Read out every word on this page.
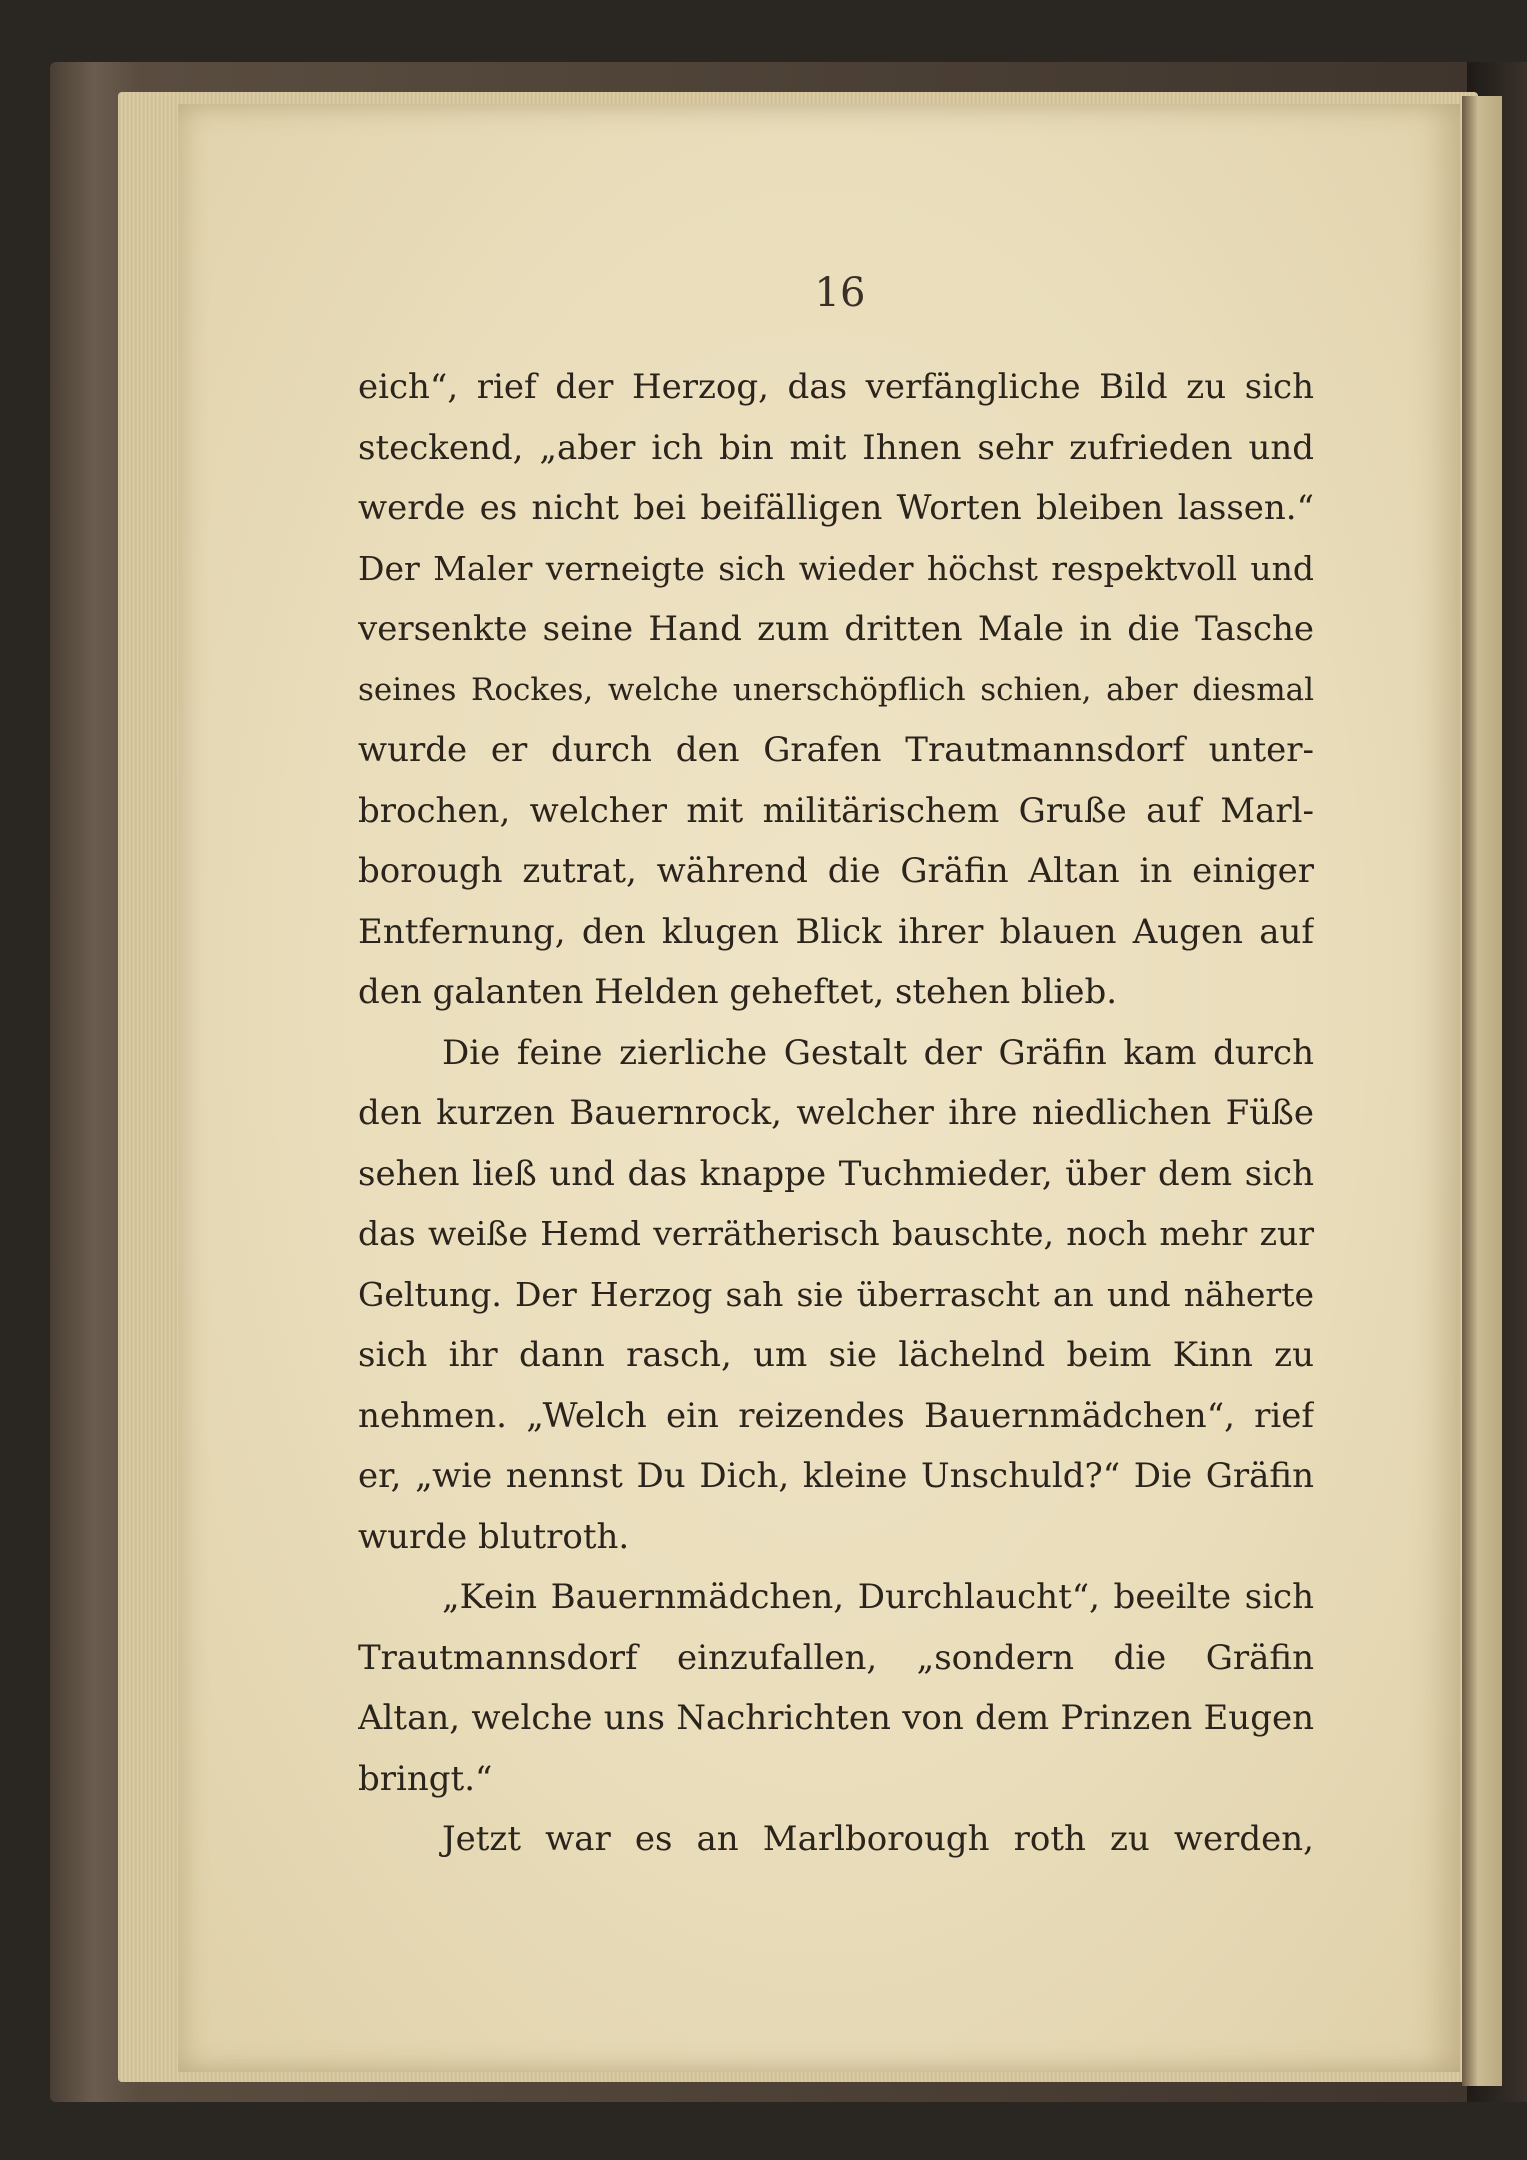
16
eich“, rief der Herzog, das verfängliche Bild zu sich
steckend, „aber ich bin mit Ihnen sehr zufrieden und
werde es nicht bei beifälligen Worten bleiben lassen.“
Der Maler verneigte sich wieder höchst respektvoll und
versenkte seine Hand zum dritten Male in die Tasche
seines Rockes, welche unerschöpflich schien, aber diesmal
wurde er durch den Grafen Trautmannsdorf unter-
brochen, welcher mit militärischem Gruße auf Marl-
borough zutrat, während die Gräfin Altan in einiger
Entfernung, den klugen Blick ihrer blauen Augen auf
den galanten Helden geheftet, stehen blieb.
Die feine zierliche Gestalt der Gräfin kam durch
den kurzen Bauernrock, welcher ihre niedlichen Füße
sehen ließ und das knappe Tuchmieder, über dem sich
das weiße Hemd verrätherisch bauschte, noch mehr zur
Geltung. Der Herzog sah sie überrascht an und näherte
sich ihr dann rasch, um sie lächelnd beim Kinn zu
nehmen. „Welch ein reizendes Bauernmädchen“, rief
er, „wie nennst Du Dich, kleine Unschuld?“ Die Gräfin
wurde blutroth.
„Kein Bauernmädchen, Durchlaucht“, beeilte sich
Trautmannsdorf einzufallen, „sondern die Gräfin
Altan, welche uns Nachrichten von dem Prinzen Eugen
bringt.“
Jetzt war es an Marlborough roth zu werden,
